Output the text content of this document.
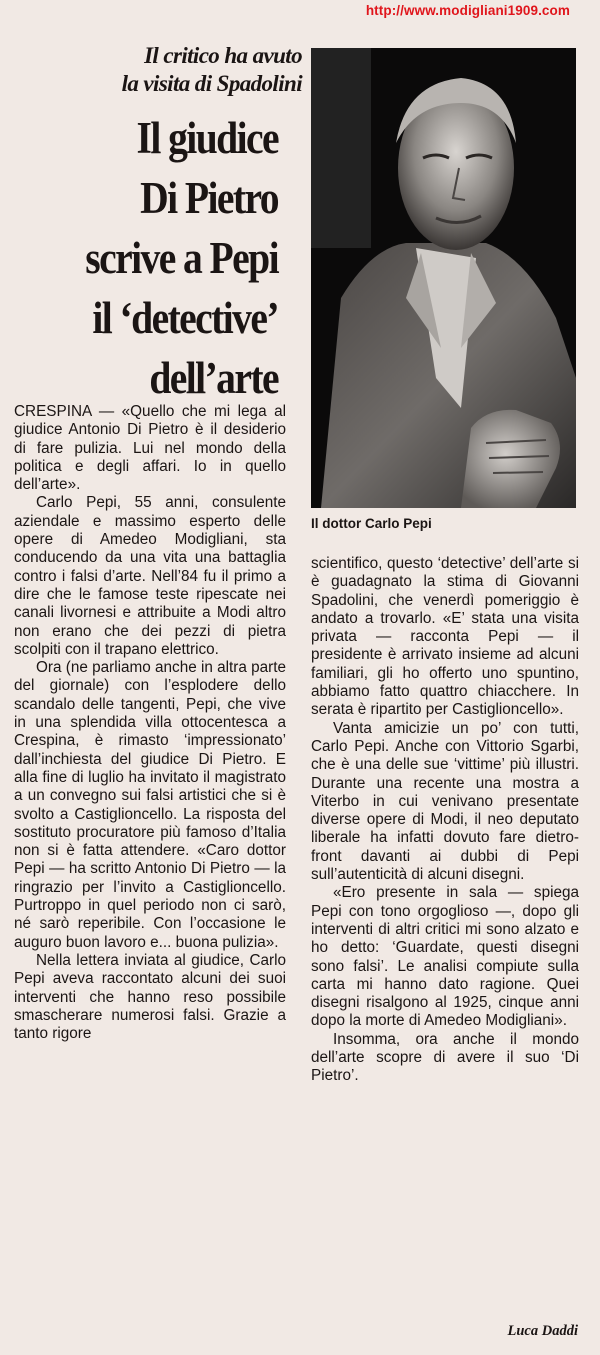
http://www.modigliani1909.com
Il critico ha avuto
la visita di Spadolini
Il giudice
Di Pietro
scrive a Pepi
il ‘detective’
dell’arte
Il dottor Carlo Pepi

CRESPINA — «Quello che mi lega al giudice Antonio Di Pietro è il desiderio di fare pulizia. Lui nel mondo della politica e degli affari. Io in quello dell’arte».

Carlo Pepi, 55 anni, consulente aziendale e massimo esperto delle opere di Amedeo Modigliani, sta conducendo da una vita una battaglia contro i falsi d’arte. Nell’84 fu il primo a dire che le famose teste ripescate nei canali livornesi e attribuite a Modi altro non erano che dei pezzi di pietra scolpiti con il trapano elettrico.

Ora (ne parliamo anche in altra parte del giornale) con l’esplodere dello scandalo delle tangenti, Pepi, che vive in una splendida villa ottocentesca a Crespina, è rimasto ‘impressionato’ dall’inchiesta del giudice Di Pietro. E alla fine di luglio ha invitato il magistrato a un convegno sui falsi artistici che si è svolto a Castiglioncello. La risposta del sostituto procuratore più famoso d’Italia non si è fatta attendere. «Caro dottor Pepi — ha scritto Antonio Di Pietro — la ringrazio per l’invito a Castiglioncello. Purtroppo in quel periodo non ci sarò, né sarò reperibile. Con l’occasione le auguro buon lavoro e... buona pulizia».

Nella lettera inviata al giudice, Carlo Pepi aveva raccontato alcuni dei suoi interventi che hanno reso possibile smascherare numerosi falsi. Grazie a tanto rigore

scientifico, questo ‘detective’ dell’arte si è guadagnato la stima di Giovanni Spadolini, che venerdì pomeriggio è andato a trovarlo. «E’ stata una visita privata — racconta Pepi — il presidente è arrivato insieme ad alcuni familiari, gli ho offerto uno spuntino, abbiamo fatto quattro chiacchere. In serata è ripartito per Castiglioncello».

Vanta amicizie un po’ con tutti, Carlo Pepi. Anche con Vittorio Sgarbi, che è una delle sue ‘vittime’ più illustri. Durante una recente una mostra a Viterbo in cui venivano presentate diverse opere di Modi, il neo deputato liberale ha infatti dovuto fare dietro-front davanti ai dubbi di Pepi sull’autenticità di alcuni disegni.

«Ero presente in sala — spiega Pepi con tono orgoglioso —, dopo gli interventi di altri critici mi sono alzato e ho detto: ‘Guardate, questi disegni sono falsi’. Le analisi compiute sulla carta mi hanno dato ragione. Quei disegni risalgono al 1925, cinque anni dopo la morte di Amedeo Modigliani».

Insomma, ora anche il mondo dell’arte scopre di avere il suo ‘Di Pietro’.

Luca Daddi
